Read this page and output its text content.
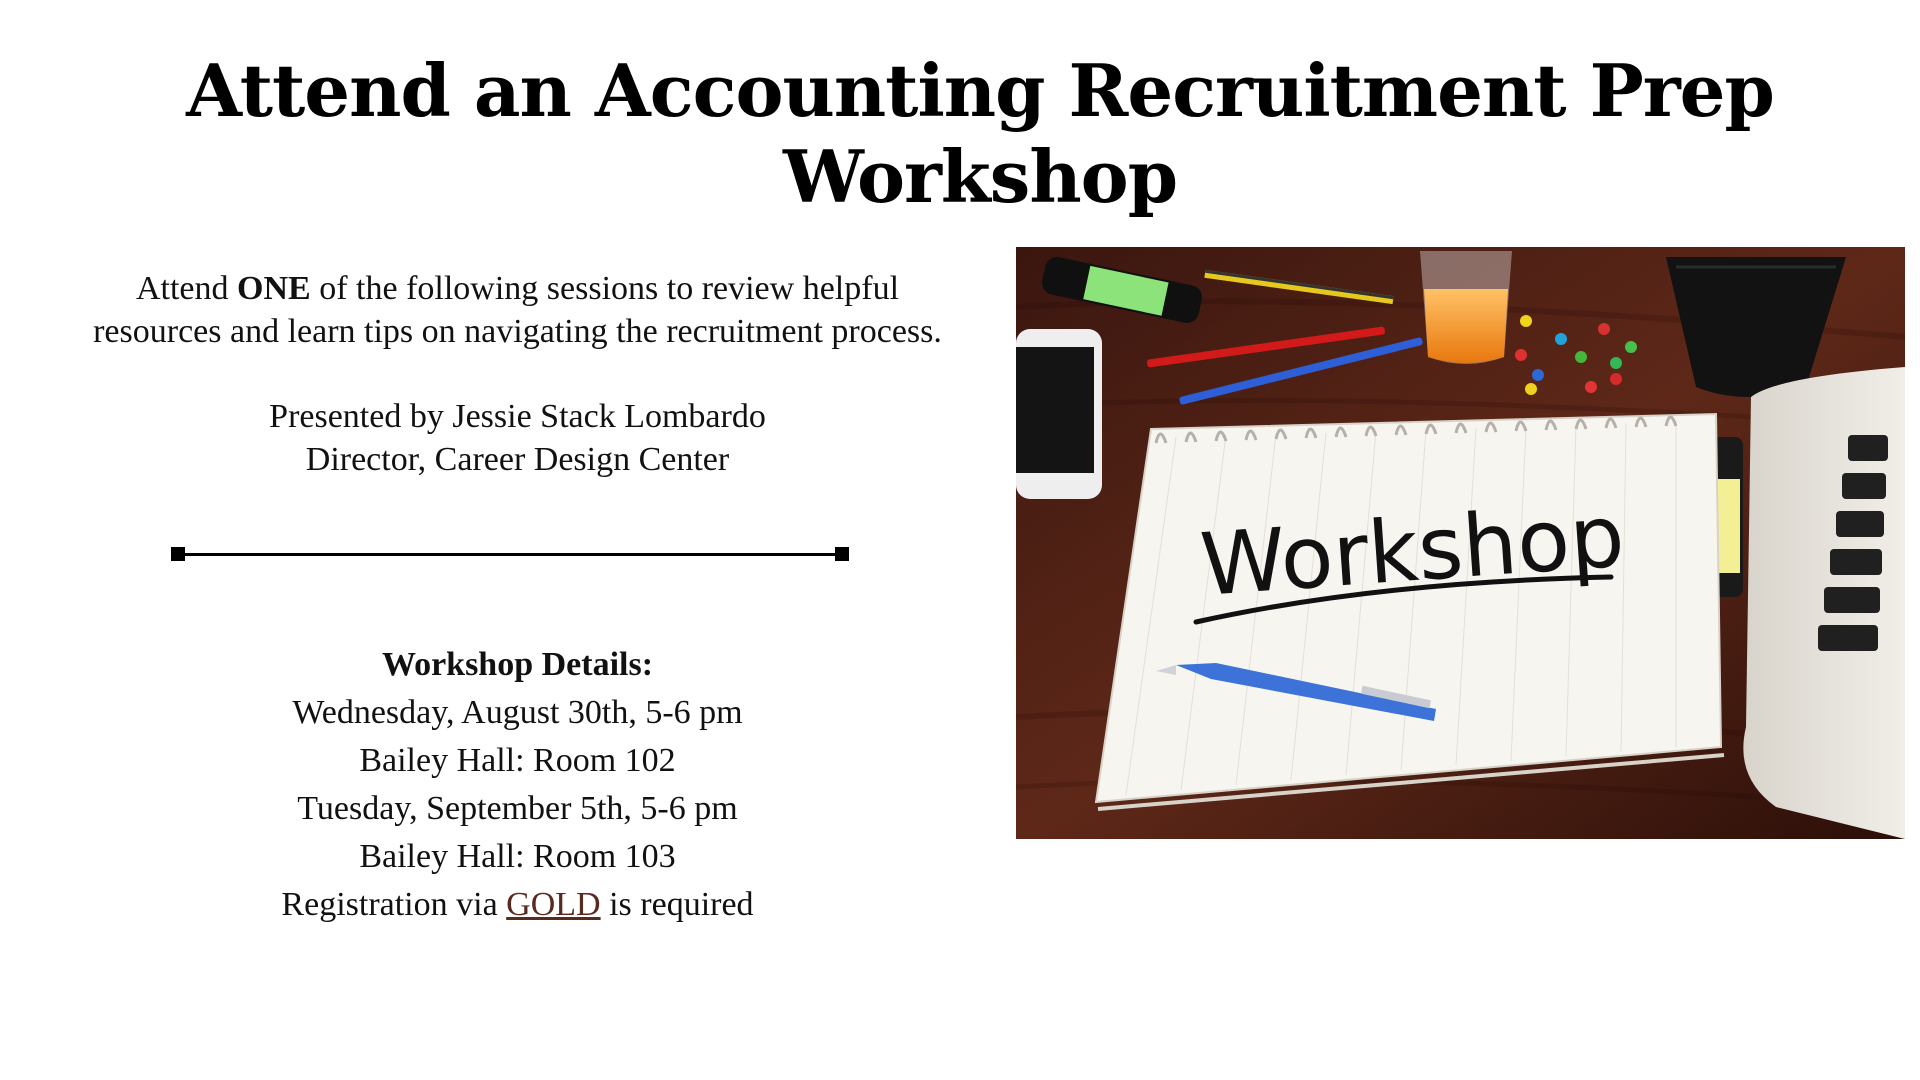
Attend an Accounting Recruitment Prep Workshop

Attend ONE of the following sessions to review helpful

resources and learn tips on navigating the recruitment process.

Presented by Jessie Stack Lombardo

Director, Career Design Center

Workshop Details:

Wednesday, August 30th, 5-6 pm

Bailey Hall: Room 102

Tuesday, September 5th, 5-6 pm

Bailey Hall: Room 103

Registration via GOLD is required

Workshop
